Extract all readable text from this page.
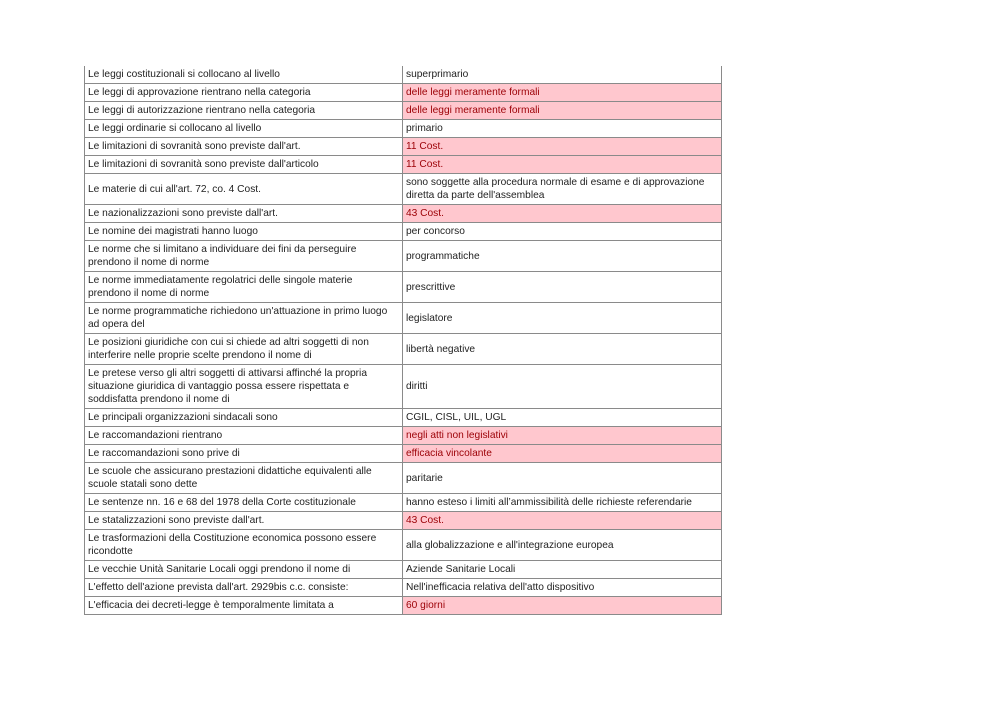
Le leggi costituzionali si collocano al livello	superprimario
Le leggi di approvazione rientrano nella categoria	delle leggi meramente formali
Le leggi di autorizzazione rientrano nella categoria	delle leggi meramente formali
Le leggi ordinarie si collocano al livello	primario
Le limitazioni di sovranità sono previste dall'art.	11 Cost.
Le limitazioni di sovranità sono previste dall'articolo	11 Cost.
Le materie di cui all'art. 72, co. 4 Cost.	sono soggette alla procedura normale di esame e di approvazione diretta da parte dell'assemblea
Le nazionalizzazioni sono previste dall'art.	43 Cost.
Le nomine dei magistrati hanno luogo	per concorso
Le norme che si limitano a individuare dei fini da perseguire prendono il nome di norme	programmatiche
Le norme immediatamente regolatrici delle singole materie prendono il nome di norme	prescrittive
Le norme programmatiche richiedono un'attuazione in primo luogo ad opera del	legislatore
Le posizioni giuridiche con cui si chiede ad altri soggetti di non interferire nelle proprie scelte prendono il nome di	libertà negative
Le pretese verso gli altri soggetti di attivarsi affinché la propria situazione giuridica di vantaggio possa essere rispettata e soddisfatta prendono il nome di	diritti
Le principali organizzazioni sindacali sono	CGIL, CISL, UIL, UGL
Le raccomandazioni rientrano	negli atti non legislativi
Le raccomandazioni sono prive di	efficacia vincolante
Le scuole che assicurano prestazioni didattiche equivalenti alle scuole statali sono dette	paritarie
Le sentenze nn. 16 e 68 del 1978 della Corte costituzionale	hanno esteso i limiti all’ammissibilità delle richieste referendarie
Le statalizzazioni sono previste dall'art.	43 Cost.
Le trasformazioni della Costituzione economica possono essere ricondotte	alla globalizzazione e all'integrazione europea
Le vecchie Unità Sanitarie Locali oggi prendono il nome di	Aziende Sanitarie Locali
L'effetto dell'azione prevista dall'art. 2929bis c.c. consiste:	Nell'inefficacia relativa dell'atto dispositivo
L'efficacia dei decreti-legge è temporalmente limitata a	60 giorni
